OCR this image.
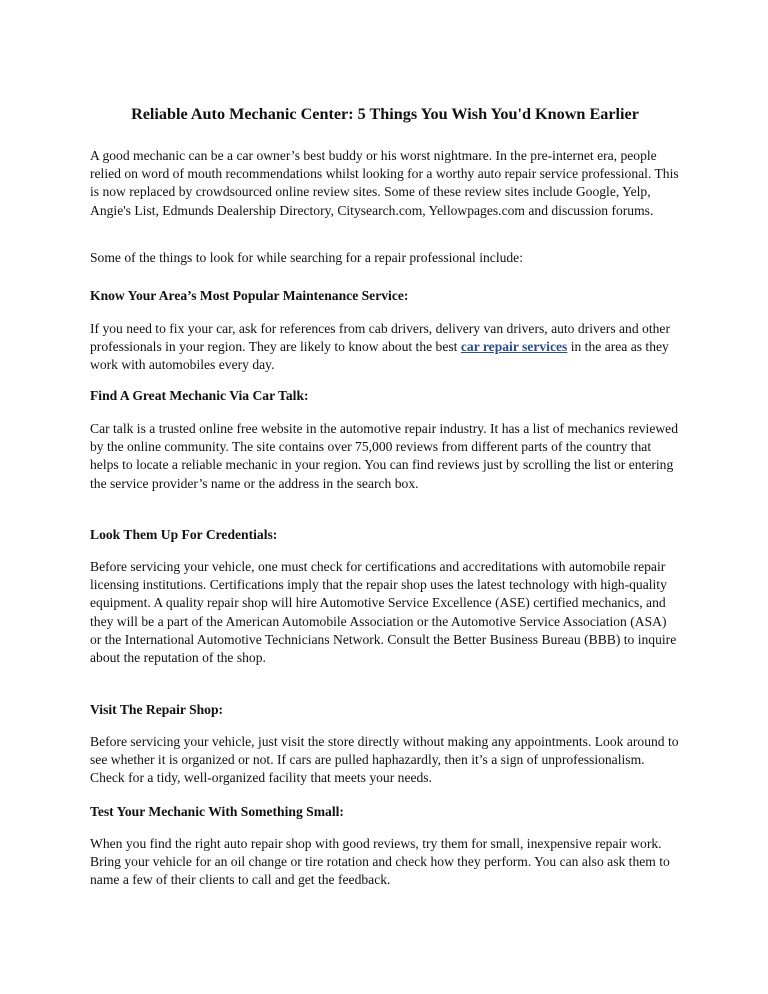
Reliable Auto Mechanic Center: 5 Things You Wish You'd Known Earlier

A good mechanic can be a car owner’s best buddy or his worst nightmare. In the pre-internet era, people relied on word of mouth recommendations whilst looking for a worthy auto repair service professional. This is now replaced by crowdsourced online review sites. Some of these review sites include Google, Yelp, Angie's List, Edmunds Dealership Directory, Citysearch.com, Yellowpages.com and discussion forums.

Some of the things to look for while searching for a repair professional include:

Know Your Area’s Most Popular Maintenance Service:

If you need to fix your car, ask for references from cab drivers, delivery van drivers, auto drivers and other professionals in your region. They are likely to know about the best car repair services in the area as they work with automobiles every day.

Find A Great Mechanic Via Car Talk:

Car talk is a trusted online free website in the automotive repair industry. It has a list of mechanics reviewed by the online community. The site contains over 75,000 reviews from different parts of the country that helps to locate a reliable mechanic in your region. You can find reviews just by scrolling the list or entering the service provider’s name or the address in the search box.

Look Them Up For Credentials:

Before servicing your vehicle, one must check for certifications and accreditations with automobile repair licensing institutions. Certifications imply that the repair shop uses the latest technology with high-quality equipment. A quality repair shop will hire Automotive Service Excellence (ASE) certified mechanics, and they will be a part of the American Automobile Association or the Automotive Service Association (ASA) or the International Automotive Technicians Network. Consult the Better Business Bureau (BBB) to inquire about the reputation of the shop.

Visit The Repair Shop:

Before servicing your vehicle, just visit the store directly without making any appointments. Look around to see whether it is organized or not. If cars are pulled haphazardly, then it’s a sign of unprofessionalism. Check for a tidy, well-organized facility that meets your needs.

Test Your Mechanic With Something Small:

When you find the right auto repair shop with good reviews, try them for small, inexpensive repair work. Bring your vehicle for an oil change or tire rotation and check how they perform. You can also ask them to name a few of their clients to call and get the feedback.
